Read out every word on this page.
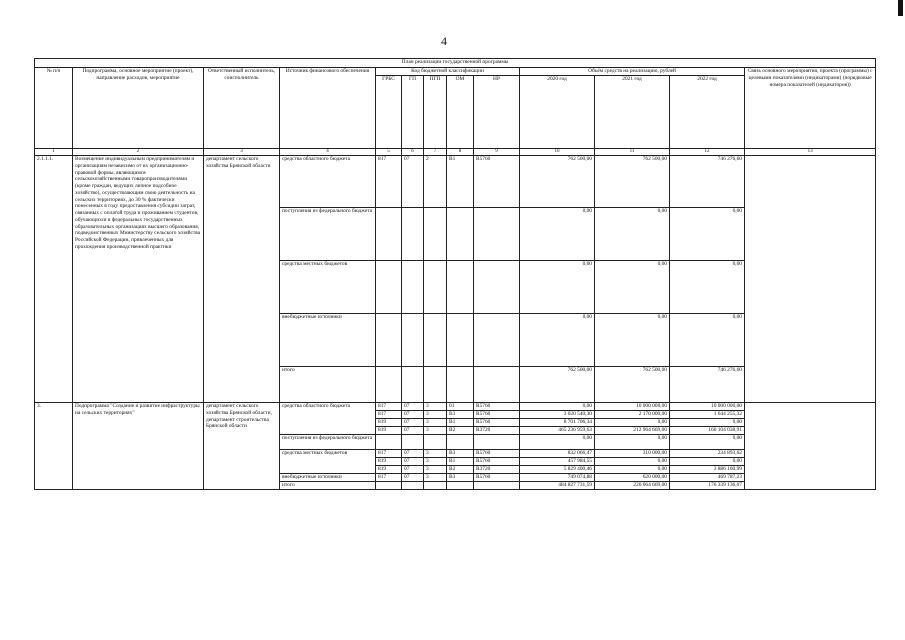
4
План реализации государственной программы												
№ п/п	Подпрограмма, основное мероприятие (проект), направление расходов, мероприятие	Ответственный исполнитель, соисполнитель	Источник финансового обеспечения	Код бюджетной классификации					Объём средств на реализацию, рублей			Связь основного мероприятия, проекта (программы) с целевыми показателями (индикаторами) (порядковые номера показателей (индикаторов))
				ГРБС	ГП	ПГП	ОМ	НР	2020 год	2021 год	2022 год	
1	2	3	4	5	6	7	8	9	10	11	12	13
2.1.1.1.	Возмещение индивидуальным предпринимателям и организациям независимо от их организационно-правовой формы, являющимся сельскохозяйственными товаропроизводителями (кроме граждан, ведущих личное подсобное хозяйство), осуществляющим свою деятельность на сельских территориях, до 30 % фактически понесенных в году предоставления субсидии затрат, связанных с оплатой труда и проживанием студентов, обучающихся в федеральных государственных образовательных организациях высшего образования, подведомственных Министерству сельского хозяйства Российской Федерации, привлеченных для прохождения производственной практики	департамент сельского хозяйства Брянской области	средства областного бюджета	817	07	2	В1	R5760	762 500,00	762 500,00	746 276,60	
			поступления из федерального бюджета						0,00	0,00	0,00	
			средства местных бюджетов						0,00	0,00	0,00	
			внебюджетные источники						0,00	0,00	0,00	
			итого						762 500,00	762 500,00	746 276,60	
3.	Подпрограмма "Создание и развитие инфраструктуры на сельских территориях"	департамент сельского хозяйства Брянской области, департамент строительства Брянской области	средства областного бюджета	817	07	3	01	R5760	0,00	10 000 000,00	10 000 000,00	
				817	07	3	В3	R5760	3 020 540,30	2 170 000,00	1 644 255,32	
				819	07	3	В1	R5760	8 701 706,34	0,00	0,00	
				819	07	3	В2	R3720	465 236 959,63	212 964 669,00	160 104 038,91	
			поступления из федерального бюджета						0,00	0,00	0,00	
			средства местных бюджетов	817	07	3	В3	R5760	832 066,47	310 000,00	234 893,62	
				819	07	3	В1	R5760	457 984,55	0,00	0,00	
				819	07	3	В2	R3720	5 829 400,46	0,00	3 886 160,99	
			внебюджетные источники	817	07	3	В3	R5760	749 074,88	620 000,00	469 787,23	
			итого						484 827 731,59	226 064 669,00	176 339 136,07	
